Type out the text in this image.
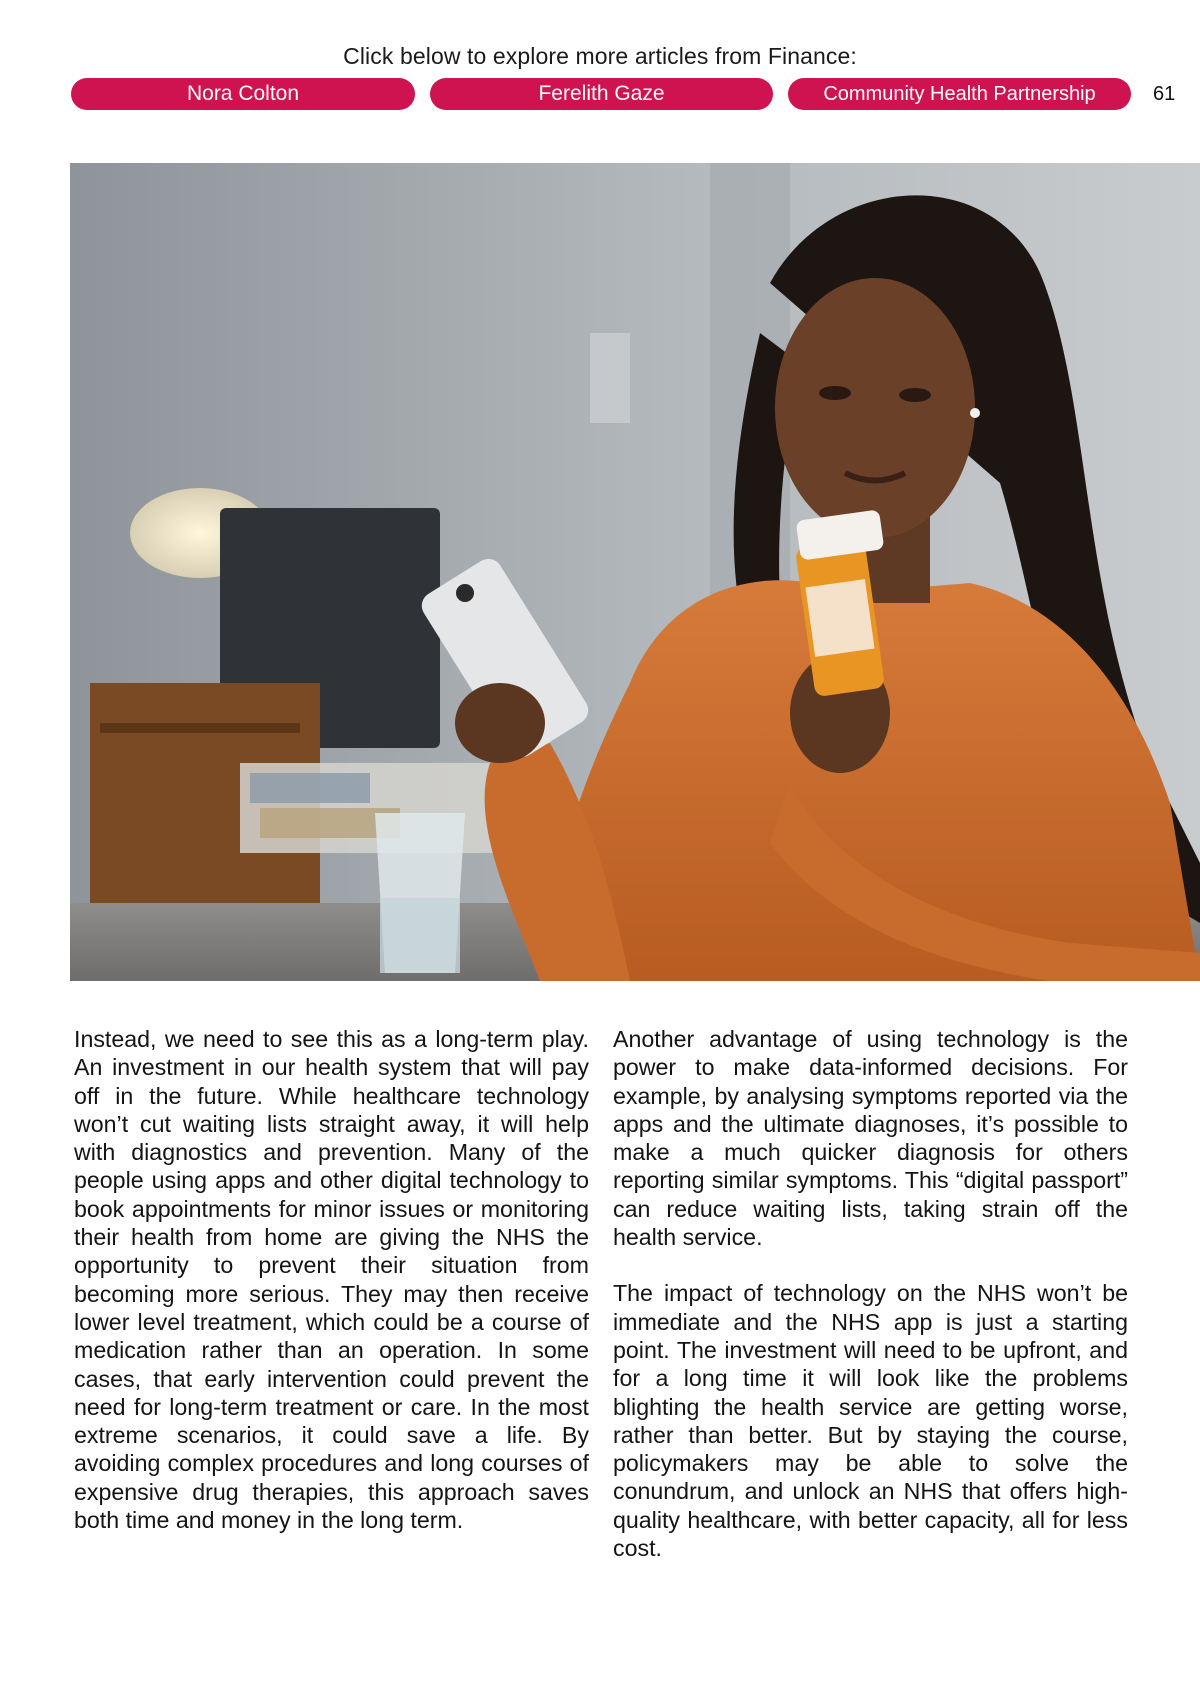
Click below to explore more articles from Finance:
Nora Colton	Ferelith Gaze	Community Health Partnership	61

Instead, we need to see this as a long-term play. An investment in our health system that will pay off in the future. While healthcare technology won’t cut waiting lists straight away, it will help with diagnostics and prevention. Many of the people using apps and other digital technology to book appointments for minor issues or monitoring their health from home are giving the NHS the opportunity to prevent their situation from becoming more serious. They may then receive lower level treatment, which could be a course of medication rather than an operation. In some cases, that early intervention could prevent the need for long-term treatment or care. In the most extreme scenarios, it could save a life. By avoiding complex procedures and long courses of expensive drug therapies, this approach saves both time and money in the long term.

Another advantage of using technology is the power to make data-informed decisions. For example, by analysing symptoms reported via the apps and the ultimate diagnoses, it’s possible to make a much quicker diagnosis for others reporting similar symptoms. This “digital passport” can reduce waiting lists, taking strain off the health service.

The impact of technology on the NHS won’t be immediate and the NHS app is just a starting point. The investment will need to be upfront, and for a long time it will look like the problems blighting the health service are getting worse, rather than better. But by staying the course, policymakers may be able to solve the conundrum, and unlock an NHS that offers high-quality healthcare, with better capacity, all for less cost.
